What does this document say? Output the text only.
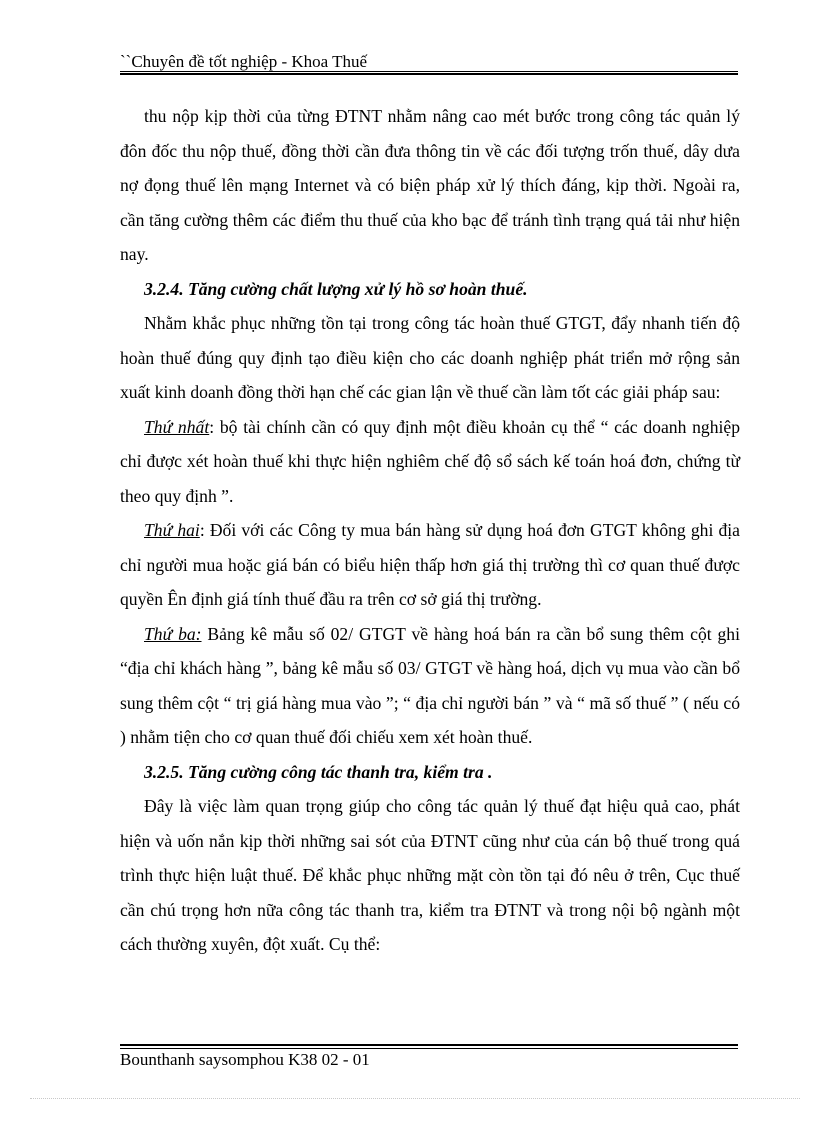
``Chuyên đề tốt nghiệp - Khoa Thuế

thu nộp kịp thời của từng ĐTNT nhằm nâng cao mét bước trong công tác quản lý đôn đốc thu nộp thuế, đồng thời cần đưa thông tin về các đối tượng trốn thuế, dây dưa nợ đọng thuế lên mạng Internet và có biện pháp xử lý thích đáng, kịp thời. Ngoài ra, cần tăng cường thêm các điểm thu thuế của kho bạc để tránh tình trạng quá tải như hiện nay.

3.2.4. Tăng cường chất lượng xử lý hồ sơ hoàn thuế.

Nhằm khắc phục những tồn tại trong công tác hoàn thuế GTGT, đẩy nhanh tiến độ hoàn thuế đúng quy định tạo điều kiện cho các doanh nghiệp phát triển mở rộng sản xuất kinh doanh đồng thời hạn chế các gian lận về thuế cần làm tốt các giải pháp sau:

Thứ nhất: bộ tài chính cần có quy định một điều khoản cụ thể “ các doanh nghiệp chỉ được xét hoàn thuế khi thực hiện nghiêm chế độ sổ sách kế toán hoá đơn, chứng từ theo quy định ”.

Thứ hai: Đối với các Công ty mua bán hàng sử dụng hoá đơn GTGT không ghi địa chỉ người mua hoặc giá bán có biểu hiện thấp hơn giá thị trường thì cơ quan thuế được quyền Ên định giá tính thuế đầu ra trên cơ sở giá thị trường.

Thứ ba: Bảng kê mẫu số 02/ GTGT về hàng hoá bán ra cần bổ sung thêm cột ghi “địa chỉ khách hàng ”, bảng kê mẫu số 03/ GTGT về hàng hoá, dịch vụ mua vào cần bổ sung thêm cột “ trị giá hàng mua vào ”; “ địa chỉ người bán ” và “ mã số thuế ” ( nếu có ) nhằm tiện cho cơ quan thuế đối chiếu xem xét hoàn thuế.

3.2.5. Tăng cường công tác thanh tra, kiểm tra .

Đây là việc làm quan trọng giúp cho công tác quản lý thuế đạt hiệu quả cao, phát hiện và uốn nắn kịp thời những sai sót của ĐTNT cũng như của cán bộ thuế trong quá trình thực hiện luật thuế. Để khắc phục những mặt còn tồn tại đó nêu ở trên, Cục thuế cần chú trọng hơn nữa công tác thanh tra, kiểm tra ĐTNT và trong nội bộ ngành một cách thường xuyên, đột xuất. Cụ thể:

Bounthanh saysomphou K38 02 - 01
